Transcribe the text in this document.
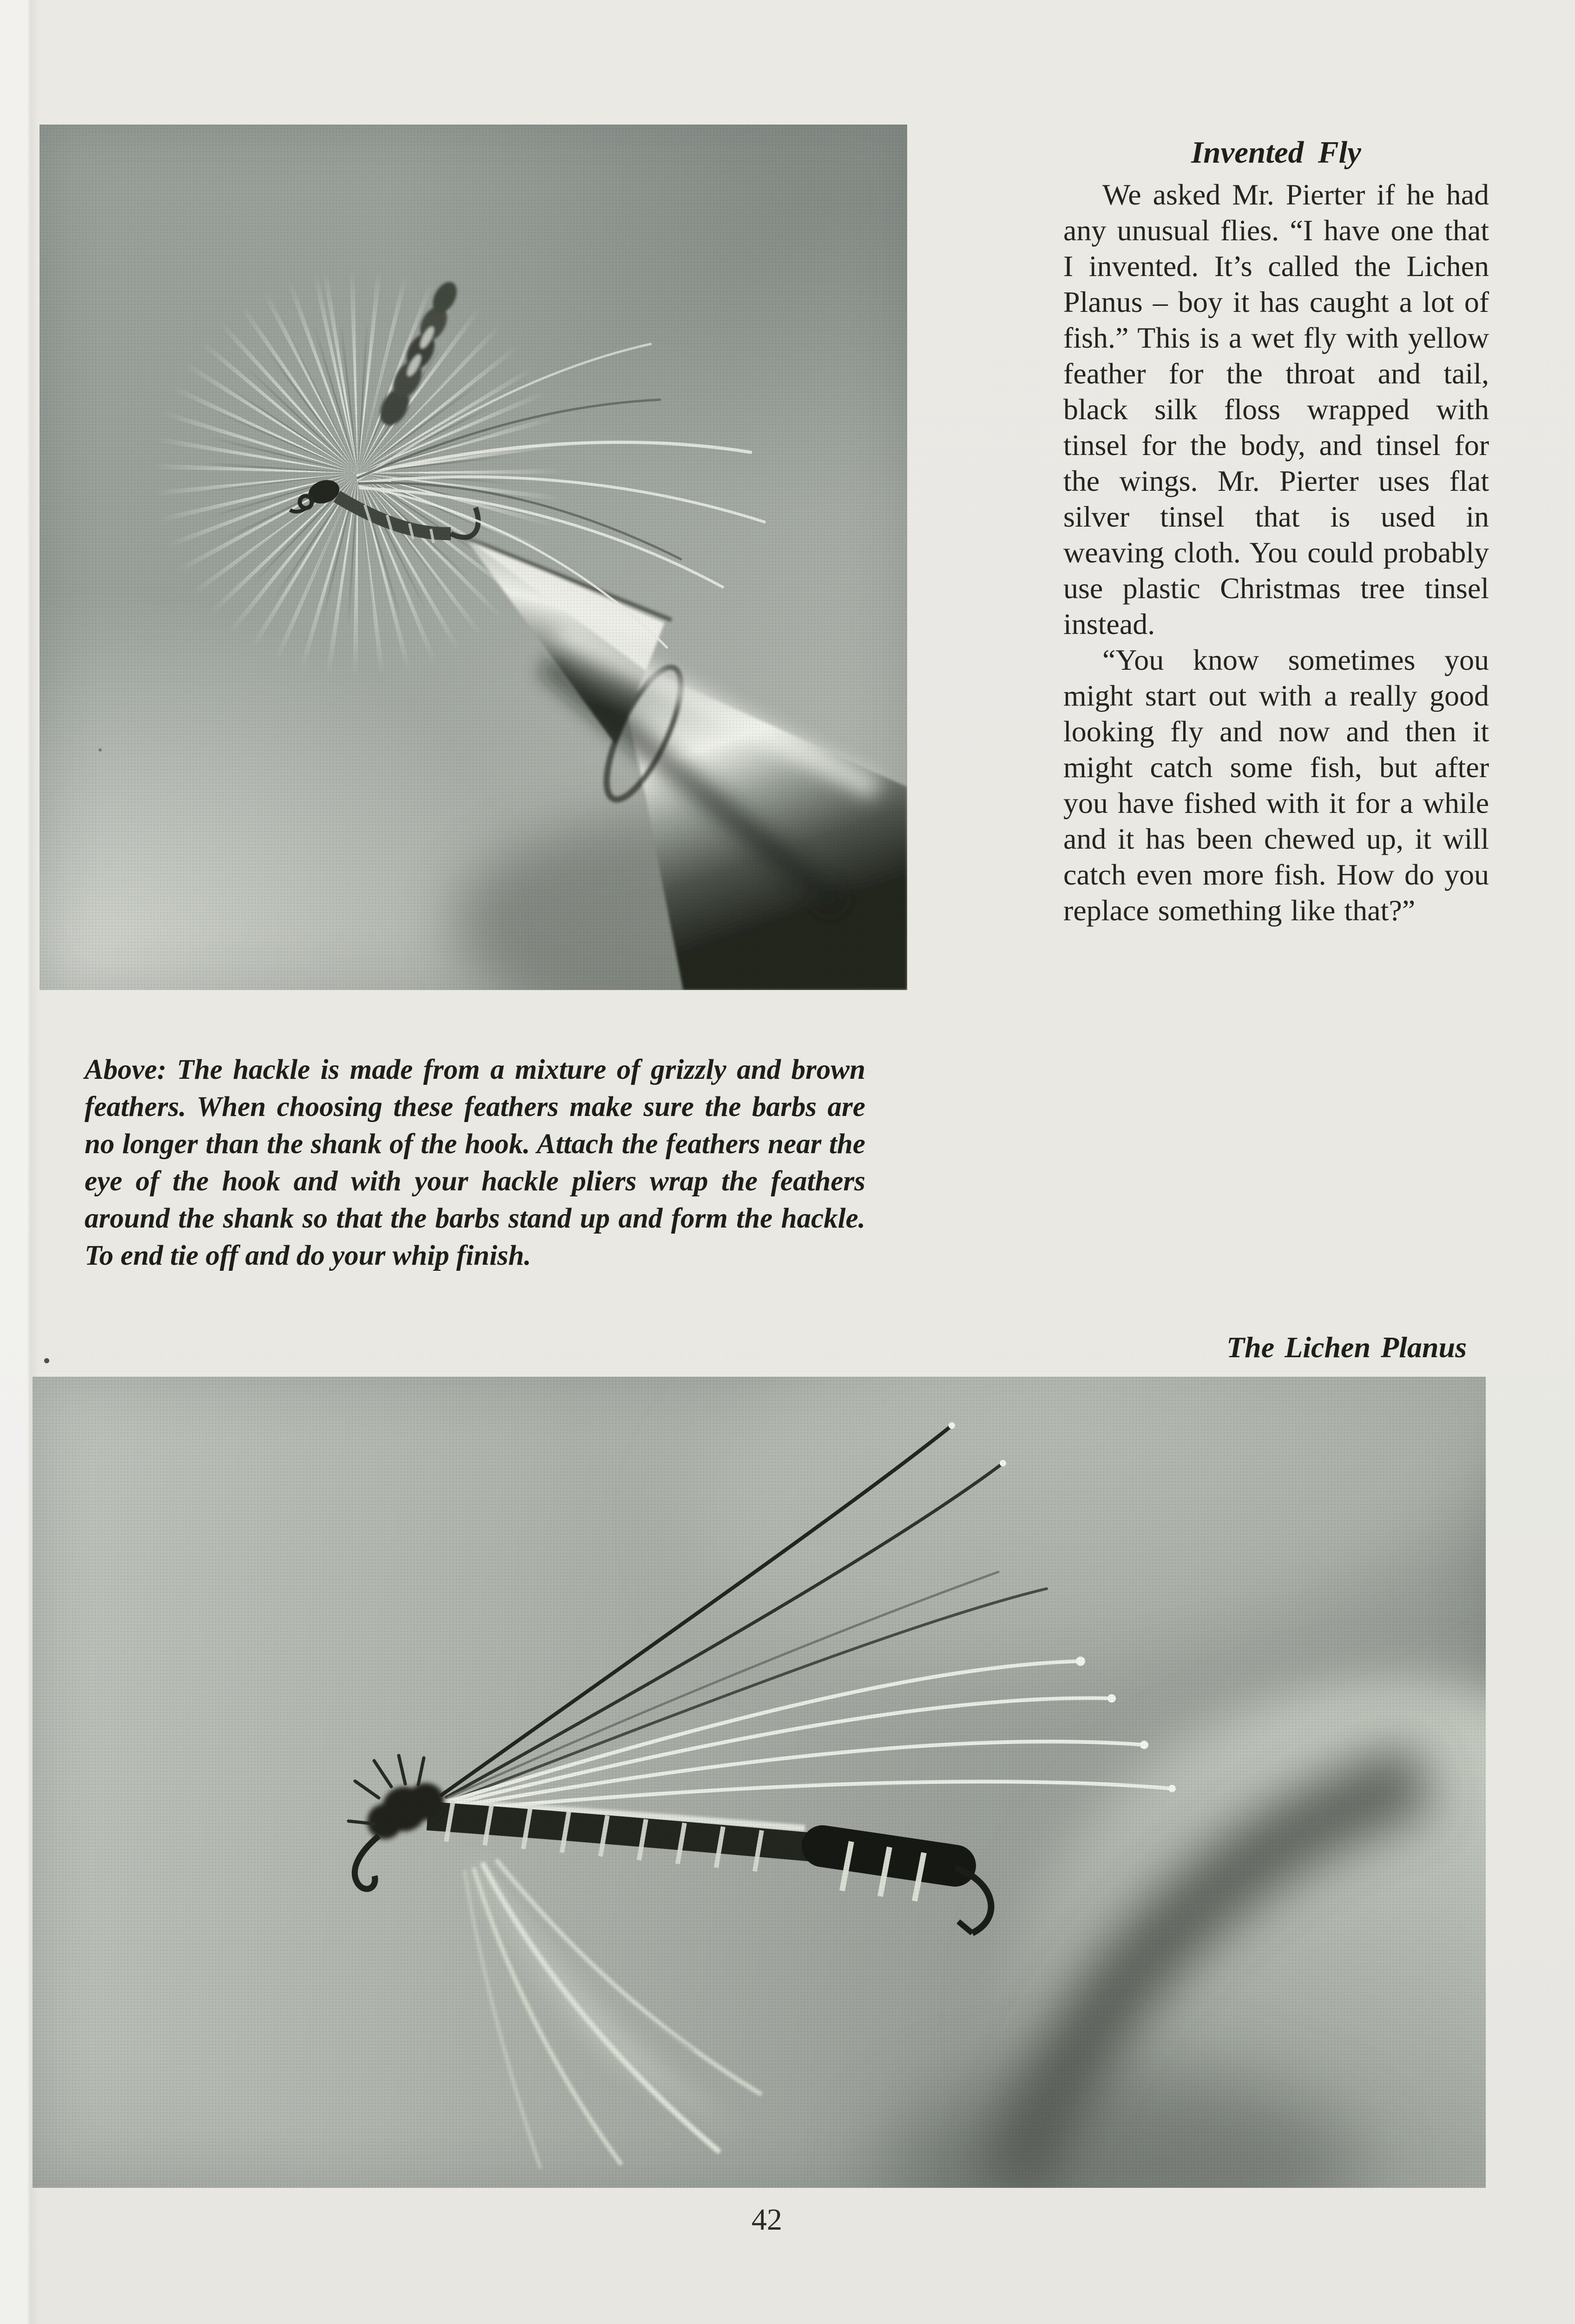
Invented Fly

We asked Mr. Pierter if he had any unusual flies. “I have one that I invented. It’s called the Lichen Planus – boy it has caught a lot of fish.” This is a wet fly with yellow feather for the throat and tail, black silk floss wrapped with tinsel for the body, and tinsel for the wings. Mr. Pierter uses flat silver tinsel that is used in weaving cloth. You could probably use plastic Christmas tree tinsel instead.

“You know sometimes you might start out with a really good looking fly and now and then it might catch some fish, but after you have fished with it for a while and it has been chewed up, it will catch even more fish. How do you replace something like that?”

Above: The hackle is made from a mixture of grizzly and brown feathers. When choosing these feathers make sure the barbs are no longer than the shank of the hook. Attach the feathers near the eye of the hook and with your hackle pliers wrap the feathers around the shank so that the barbs stand up and form the hackle. To end tie off and do your whip finish.

The Lichen Planus

42
